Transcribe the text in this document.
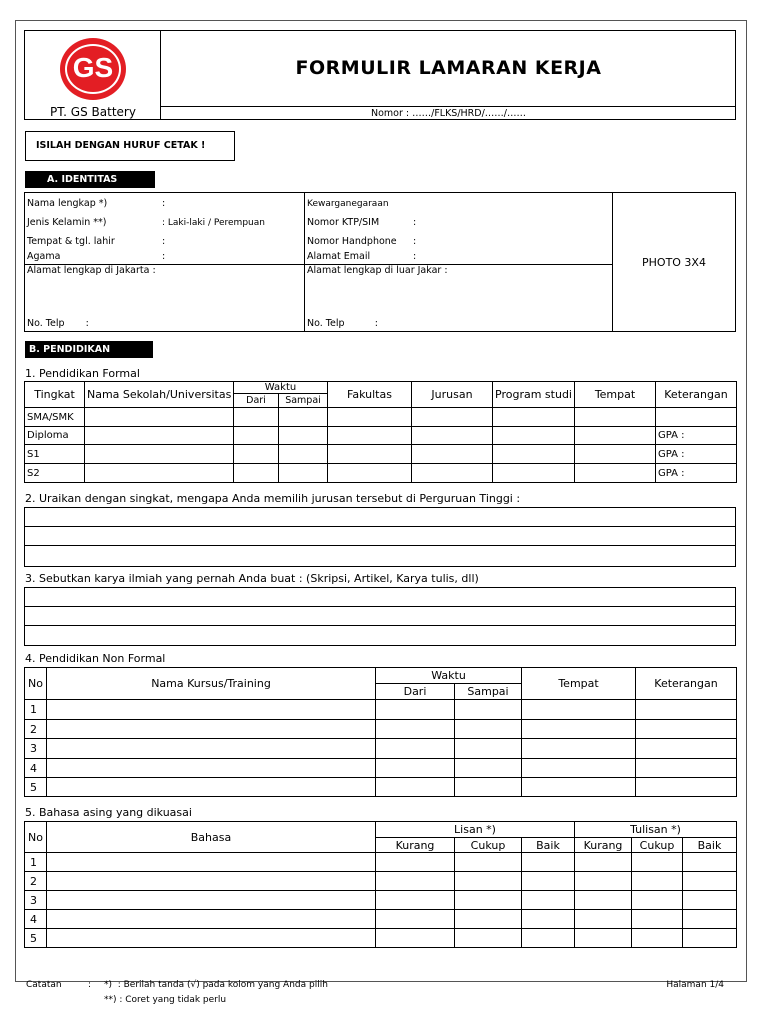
GS
PT. GS Battery
FORMULIR LAMARAN KERJA
Nomor : ……/FLKS/HRD/……/……
ISILAH DENGAN HURUF CETAK !
A. IDENTITAS
Nama lengkap *)	:
Jenis Kelamin **)	: Laki-laki / Perempuan
Tempat & tgl. lahir	:
Agama	:
Kewarganegaraan
Nomor KTP/SIM	:
Nomor Handphone :
Alamat Email	:
Alamat lengkap di Jakarta :	Alamat lengkap di luar Jakar :
No. Telp       :	No. Telp          :
PHOTO 3X4
B. PENDIDIKAN
1. Pendidikan Formal
Tingkat	Nama Sekolah/Universitas	Waktu		Fakultas	Jurusan	Program studi	Tempat	Keterangan
		Dari	Sampai					
SMA/SMK								
Diploma								GPA :
S1								GPA :
S2								GPA :
2. Uraikan dengan singkat, mengapa Anda memilih jurusan tersebut di Perguruan Tinggi :
3. Sebutkan karya ilmiah yang pernah Anda buat : (Skripsi, Artikel, Karya tulis, dll)
4. Pendidikan Non Formal
No	Nama Kursus/Training	Waktu		Tempat	Keterangan
		Dari	Sampai		
1					
2					
3					
4					
5					
5. Bahasa asing yang dikuasai
No	Bahasa	Lisan *)			Tulisan *)		
		Kurang	Cukup	Baik	Kurang	Cukup	Baik
1							
2							
3							
4							
5							
Catatan	: *)  : Berilah tanda (√) pada kolom yang Anda pilih
**) : Coret yang tidak perlu
Halaman 1/4
